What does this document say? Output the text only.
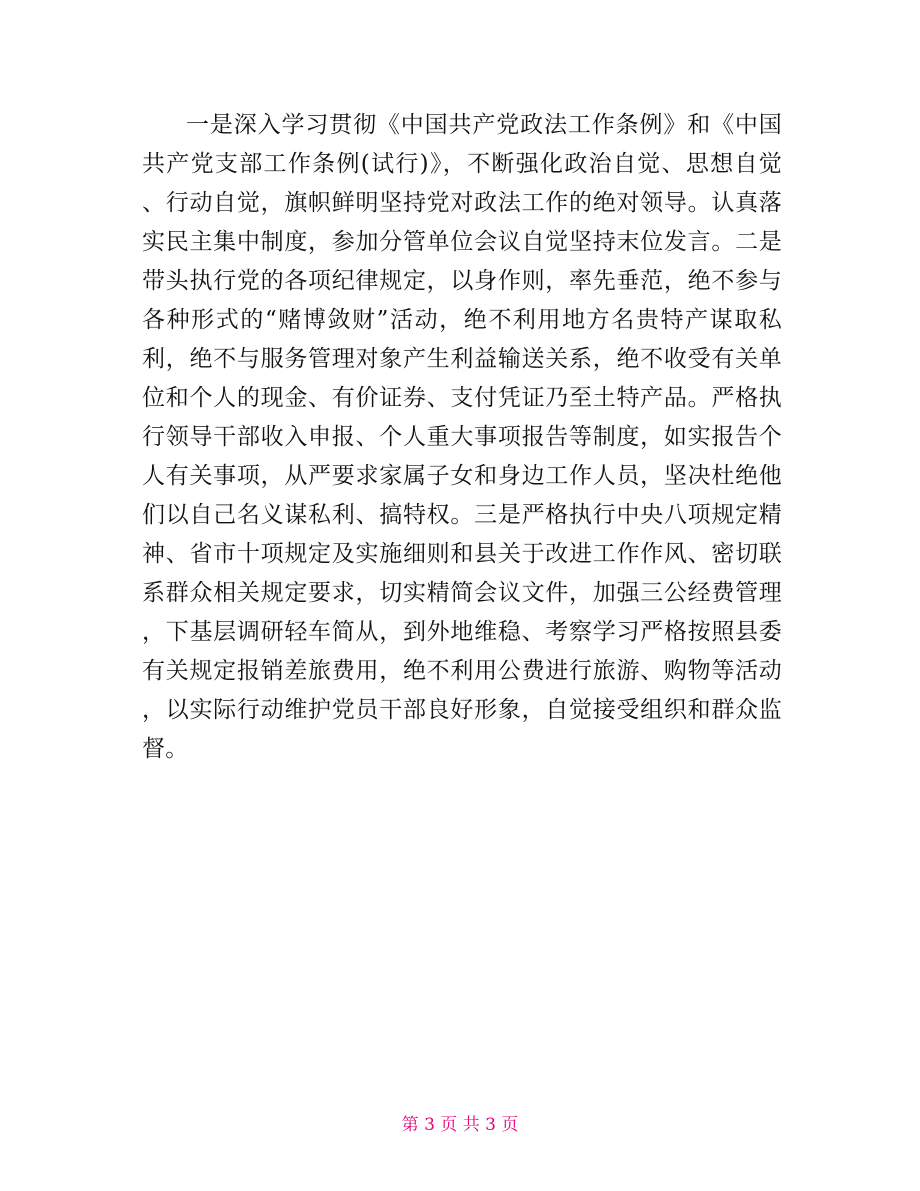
一是深入学习贯彻《中国共产党政法工作条例》和《中国
共产党支部工作条例(试行)》，不断强化政治自觉、思想自觉
、行动自觉，旗帜鲜明坚持党对政法工作的绝对领导。认真落
实民主集中制度，参加分管单位会议自觉坚持末位发言。二是
带头执行党的各项纪律规定，以身作则，率先垂范，绝不参与
各种形式的“赌博敛财”活动，绝不利用地方名贵特产谋取私
利，绝不与服务管理对象产生利益输送关系，绝不收受有关单
位和个人的现金、有价证券、支付凭证乃至土特产品。严格执
行领导干部收入申报、个人重大事项报告等制度，如实报告个
人有关事项，从严要求家属子女和身边工作人员，坚决杜绝他
们以自己名义谋私利、搞特权。三是严格执行中央八项规定精
神、省市十项规定及实施细则和县关于改进工作作风、密切联
系群众相关规定要求，切实精简会议文件，加强三公经费管理
，下基层调研轻车简从，到外地维稳、考察学习严格按照县委
有关规定报销差旅费用，绝不利用公费进行旅游、购物等活动
，以实际行动维护党员干部良好形象，自觉接受组织和群众监
督。
第 3 页 共 3 页
